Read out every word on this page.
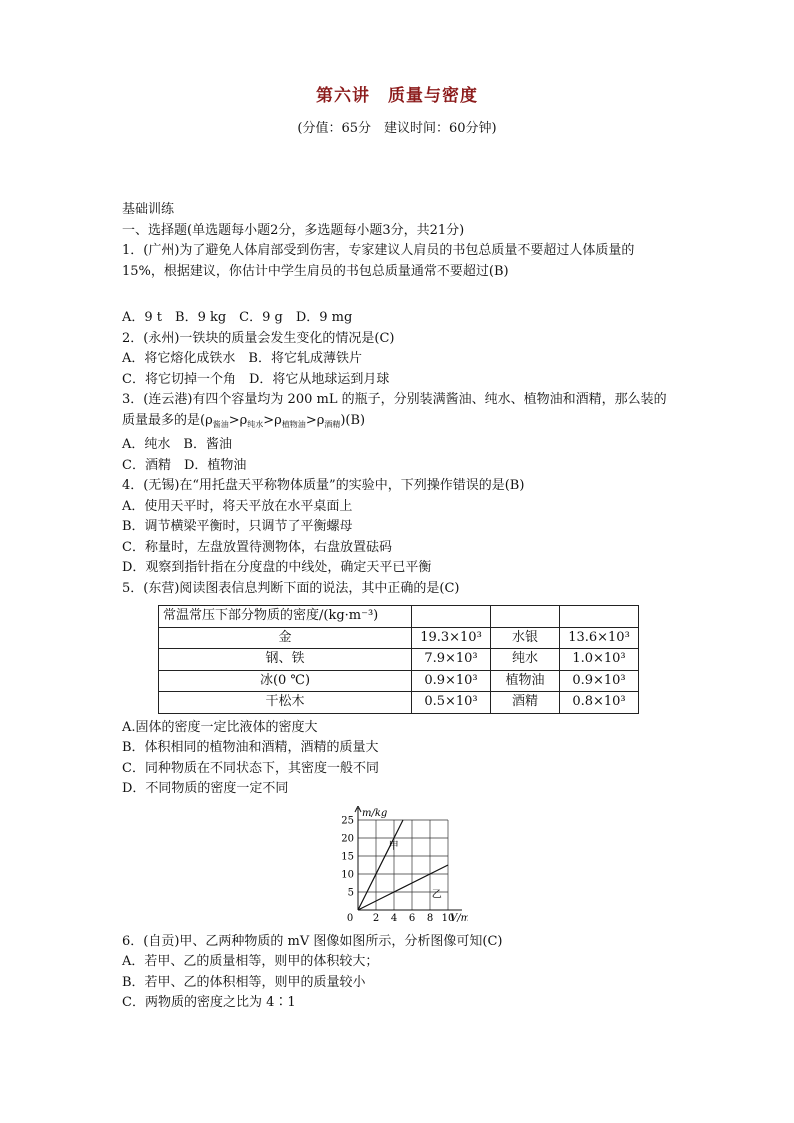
第六讲　质量与密度
(分值：65分　建议时间：60分钟)
基础训练
一、选择题(单选题每小题2分，多选题每小题3分，共21分)
1．(广州)为了避免人体肩部受到伤害，专家建议人肩员的书包总质量不要超过人体质量的
15%，根据建议，你估计中学生肩员的书包总质量通常不要超过(B)
A．9 t　B．9 kg　C．9 g　D．9 mg
2．(永州)一铁块的质量会发生变化的情况是(C)
A．将它熔化成铁水　B．将它轧成薄铁片
C．将它切掉一个角　D．将它从地球运到月球
3．(连云港)有四个容量均为 200 mL 的瓶子，分别装满酱油、纯水、植物油和酒精，那么装的
质量最多的是$(\rho_{酱油}>\rho_{纯水}>\rho_{植物油}>\rho_{酒精})(B)$
A．纯水　B．酱油
C．酒精　D．植物油
4．(无锡)在“用托盘天平称物体质量”的实验中，下列操作错误的是(B)
A．使用天平时，将天平放在水平桌面上
B．调节横梁平衡时，只调节了平衡螺母
C．称量时，左盘放置待测物体，右盘放置砝码
D．观察到指针指在分度盘的中线处，确定天平已平衡
5．(东营)阅读图表信息判断下面的说法，其中正确的是(C)
常温常压下部分物质的密度/(kg·m⁻³)			
金	19.3×10³	水银	13.6×10³
钢、铁	7.9×10³	纯水	1.0×10³
冰(0 ℃)	0.9×10³	植物油	0.9×10³
干松木	0.5×10³	酒精	0.8×10³
A.固体的密度一定比液体的密度大
B．体积相同的植物油和酒精，酒精的质量大
C．同种物质在不同状态下，其密度一般不同
D．不同物质的密度一定不同
0 2 4 6 8 10
5
10
15
20
25
m/kg
V/
甲
乙
6．(自贡)甲、乙两种物质的 mV 图像如图所示，分析图像可知(C)
A．若甲、乙的质量相等，则甲的体积较大；
B．若甲、乙的体积相等，则甲的质量较小
C．两物质的密度之比为 4∶1
